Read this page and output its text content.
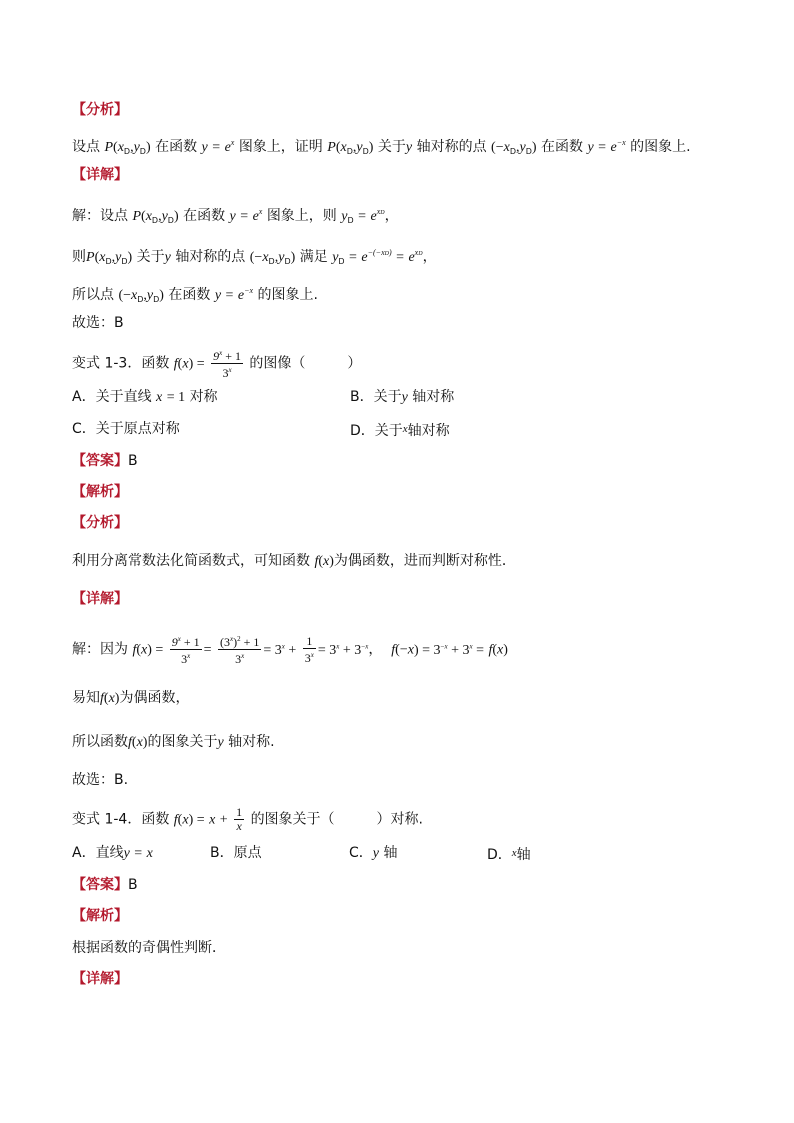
【分析】
设点 $P(x_D,y_D)$ 在函数 $y = e^x$ 图象上，证明 $P(x_D,y_D)$ 关于y 轴对称的点 $(-x_D,y_D)$ 在函数 $y = e^{-x}$ 的图象上.
【详解】
解：设点 $P(x_D,y_D)$ 在函数 $y = e^x$ 图象上，则 $y_D = e^{xD}$，
则$P(x_D,y_D)$ 关于y 轴对称的点 $(-x_D,y_D)$ 满足 $y_D = e^{-(-xD)} = e^{xD}$，
所以点 $(-x_D,y_D)$ 在函数 $y = e^{-x}$ 的图象上.
故选：B
变式 1-3．函数 $f(x) = \frac{9^x + 1}{3^x}$ 的图像（　　　）
A．关于直线 x = 1 对称	B．关于y 轴对称
C．关于原点对称	D．关于$^x$轴对称
【答案】B
【解析】
【分析】
利用分离常数法化简函数式，可知函数 f(x)为偶函数，进而判断对称性．
【详解】
解：因为 $f(x) = \frac{9^x + 1}{3^x} = \frac{(3^x)^2 + 1}{3^x} = 3^x + \frac{1}{3^x} = 3^x + 3^{-x}$，  $f(-x) = 3^{-x} + 3^x = f(x)$
易知f(x)为偶函数，
所以函数f(x)的图象关于y 轴对称.
故选：B.
变式 1-4．函数 $f(x) = x + \frac{1}{x}$ 的图象关于（　　　）对称.
A．直线y = x	B．原点	C．y 轴	D．$^x$轴
【答案】B
【解析】
根据函数的奇偶性判断．
【详解】
